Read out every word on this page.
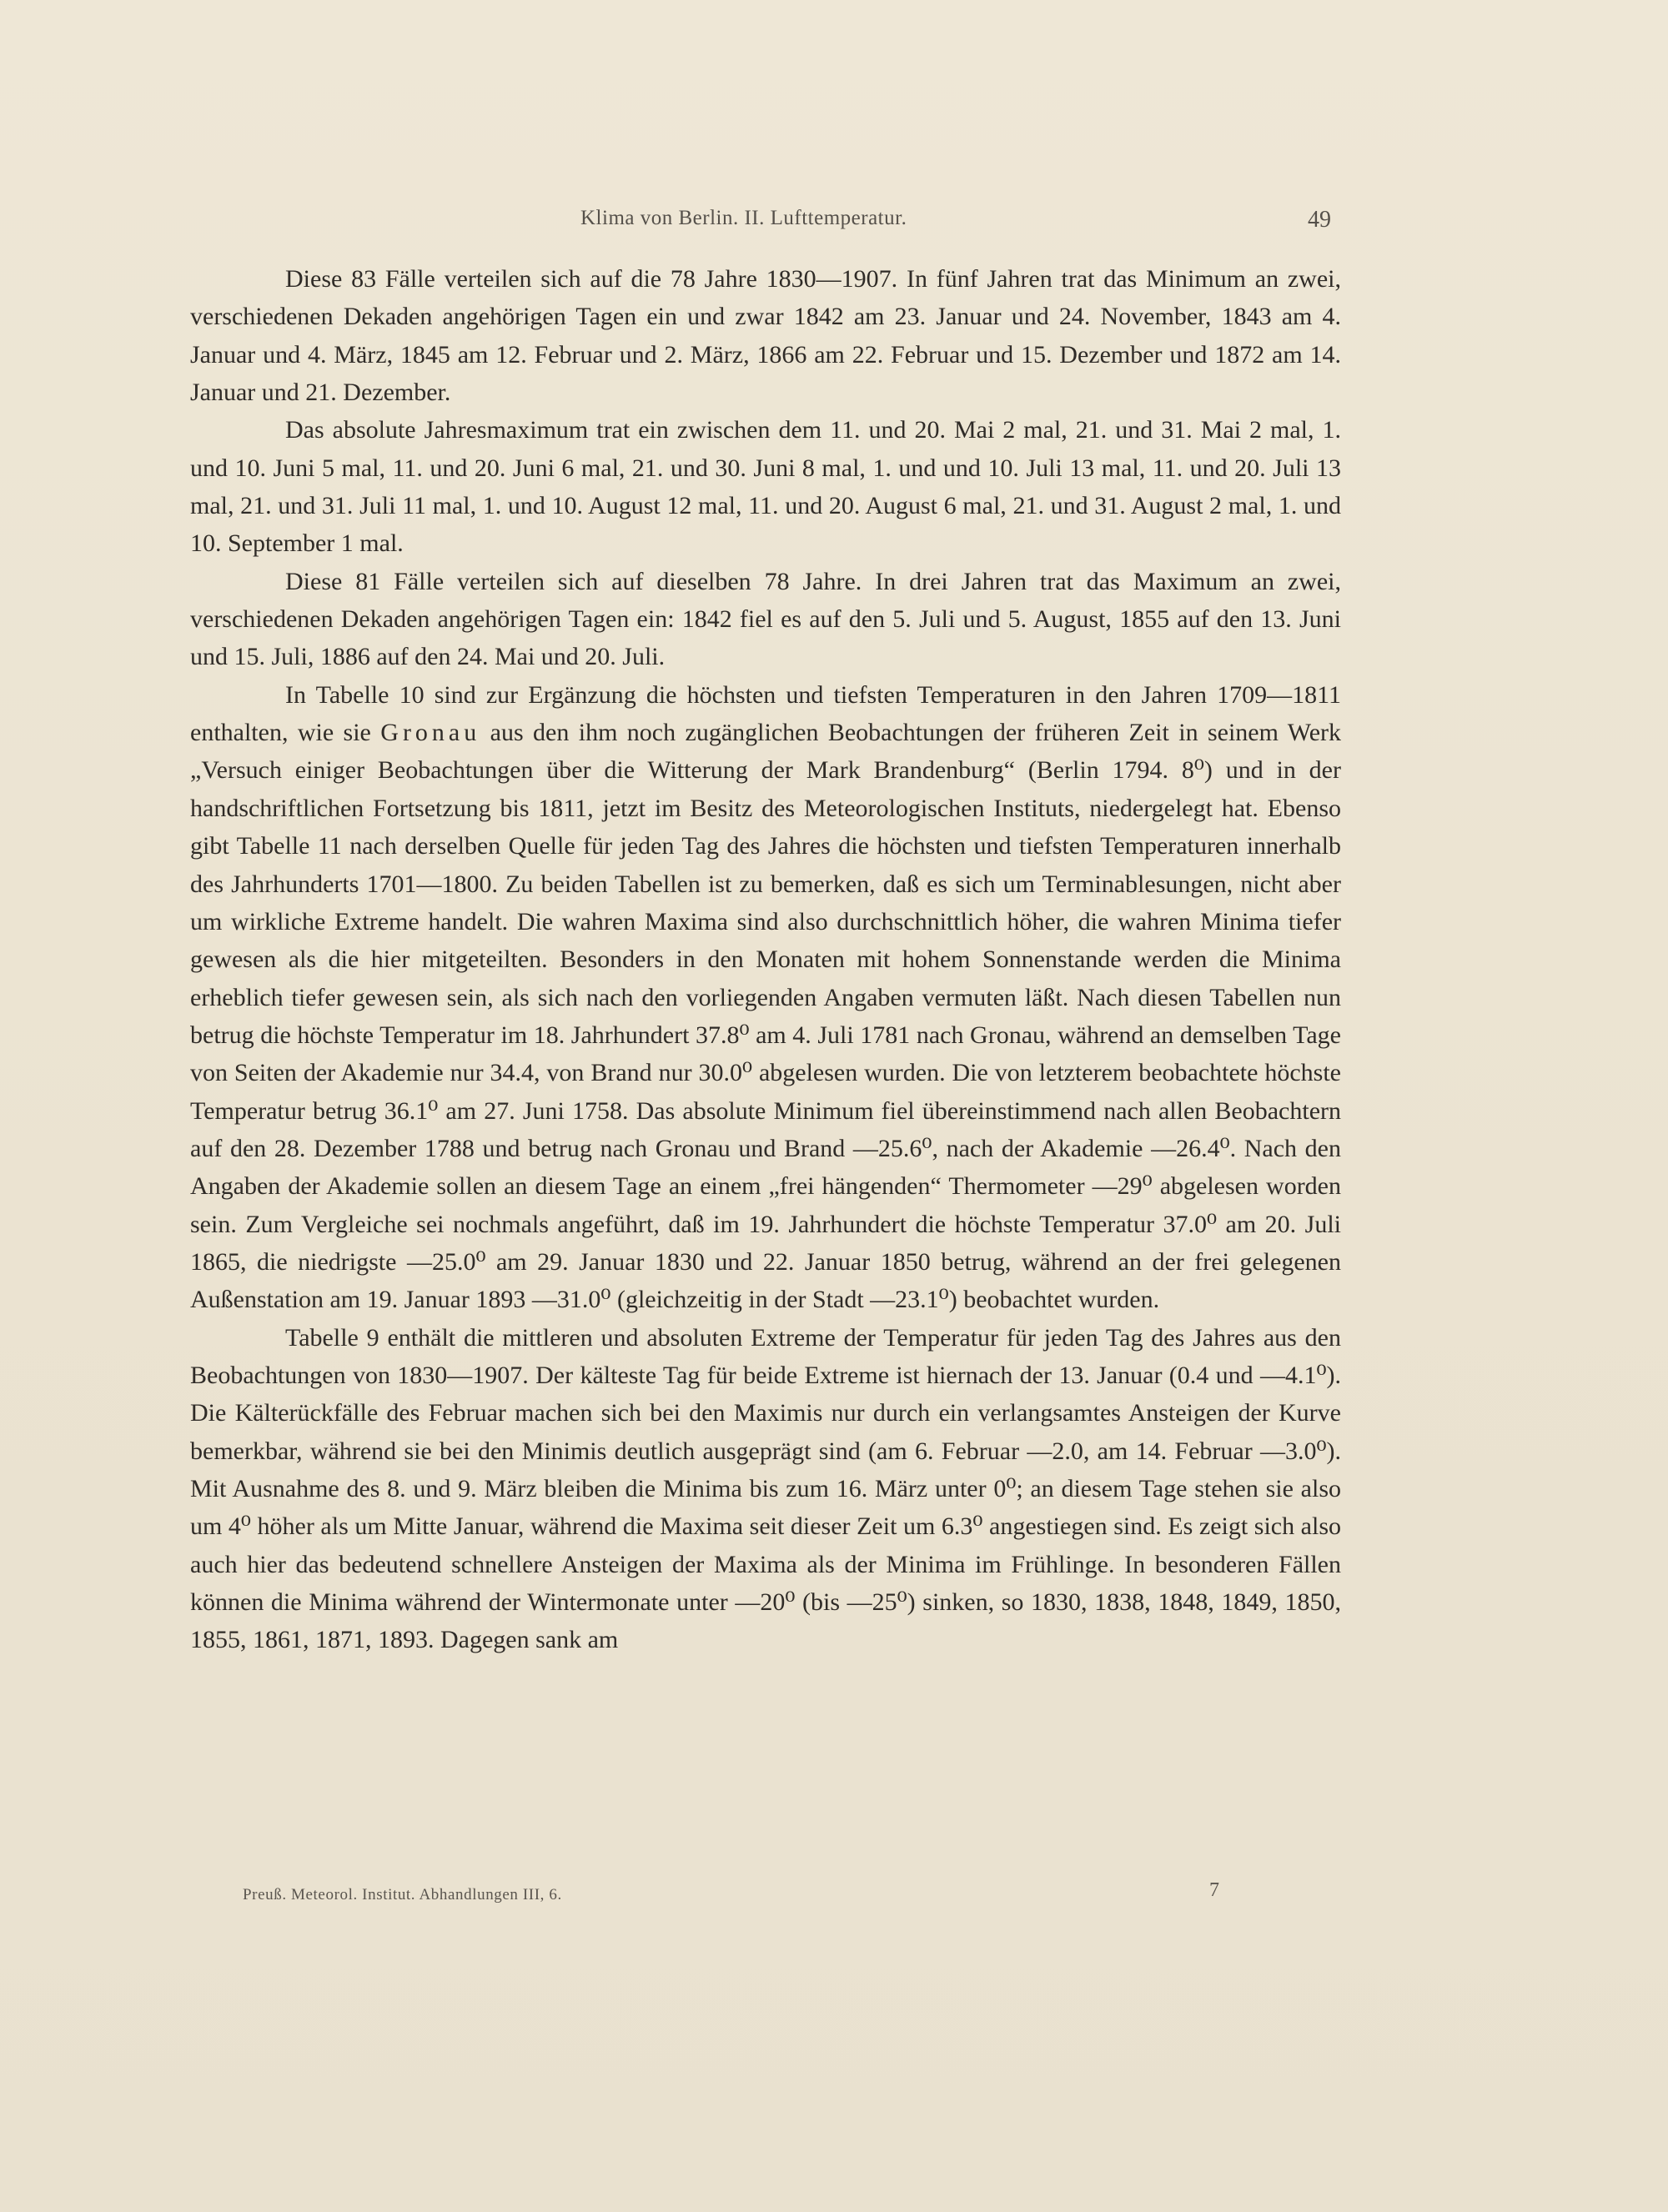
Klima von Berlin. II. Lufttemperatur.	49

Diese 83 Fälle verteilen sich auf die 78 Jahre 1830—1907. In fünf Jahren trat das Minimum an zwei, verschiedenen Dekaden angehörigen Tagen ein und zwar 1842 am 23. Januar und 24. November, 1843 am 4. Januar und 4. März, 1845 am 12. Februar und 2. März, 1866 am 22. Februar und 15. Dezember und 1872 am 14. Januar und 21. Dezember.

Das absolute Jahresmaximum trat ein zwischen dem 11. und 20. Mai 2 mal, 21. und 31. Mai 2 mal, 1. und 10. Juni 5 mal, 11. und 20. Juni 6 mal, 21. und 30. Juni 8 mal, 1. und und 10. Juli 13 mal, 11. und 20. Juli 13 mal, 21. und 31. Juli 11 mal, 1. und 10. August 12 mal, 11. und 20. August 6 mal, 21. und 31. August 2 mal, 1. und 10. September 1 mal.

Diese 81 Fälle verteilen sich auf dieselben 78 Jahre. In drei Jahren trat das Maximum an zwei, verschiedenen Dekaden angehörigen Tagen ein: 1842 fiel es auf den 5. Juli und 5. August, 1855 auf den 13. Juni und 15. Juli, 1886 auf den 24. Mai und 20. Juli.

In Tabelle 10 sind zur Ergänzung die höchsten und tiefsten Temperaturen in den Jahren 1709—1811 enthalten, wie sie Gronau aus den ihm noch zugänglichen Beobachtungen der früheren Zeit in seinem Werk „Versuch einiger Beobachtungen über die Witterung der Mark Brandenburg“ (Berlin 1794. 8⁰) und in der handschriftlichen Fortsetzung bis 1811, jetzt im Besitz des Meteorologischen Instituts, niedergelegt hat. Ebenso gibt Tabelle 11 nach derselben Quelle für jeden Tag des Jahres die höchsten und tiefsten Temperaturen innerhalb des Jahrhunderts 1701—1800. Zu beiden Tabellen ist zu bemerken, daß es sich um Terminablesungen, nicht aber um wirkliche Extreme handelt. Die wahren Maxima sind also durchschnittlich höher, die wahren Minima tiefer gewesen als die hier mitgeteilten. Besonders in den Monaten mit hohem Sonnenstande werden die Minima erheblich tiefer gewesen sein, als sich nach den vorliegenden Angaben vermuten läßt. Nach diesen Tabellen nun betrug die höchste Temperatur im 18. Jahrhundert 37.8⁰ am 4. Juli 1781 nach Gronau, während an demselben Tage von Seiten der Akademie nur 34.4, von Brand nur 30.0⁰ abgelesen wurden. Die von letzterem beobachtete höchste Temperatur betrug 36.1⁰ am 27. Juni 1758. Das absolute Minimum fiel übereinstimmend nach allen Beobachtern auf den 28. Dezember 1788 und betrug nach Gronau und Brand —25.6⁰, nach der Akademie —26.4⁰. Nach den Angaben der Akademie sollen an diesem Tage an einem „frei hängenden“ Thermometer —29⁰ abgelesen worden sein. Zum Vergleiche sei nochmals angeführt, daß im 19. Jahrhundert die höchste Temperatur 37.0⁰ am 20. Juli 1865, die niedrigste —25.0⁰ am 29. Januar 1830 und 22. Januar 1850 betrug, während an der frei gelegenen Außenstation am 19. Januar 1893 —31.0⁰ (gleichzeitig in der Stadt —23.1⁰) beobachtet wurden.

Tabelle 9 enthält die mittleren und absoluten Extreme der Temperatur für jeden Tag des Jahres aus den Beobachtungen von 1830—1907. Der kälteste Tag für beide Extreme ist hiernach der 13. Januar (0.4 und —4.1⁰). Die Kälterückfälle des Februar machen sich bei den Maximis nur durch ein verlangsamtes Ansteigen der Kurve bemerkbar, während sie bei den Minimis deutlich ausgeprägt sind (am 6. Februar —2.0, am 14. Februar —3.0⁰). Mit Ausnahme des 8. und 9. März bleiben die Minima bis zum 16. März unter 0⁰; an diesem Tage stehen sie also um 4⁰ höher als um Mitte Januar, während die Maxima seit dieser Zeit um 6.3⁰ angestiegen sind. Es zeigt sich also auch hier das bedeutend schnellere Ansteigen der Maxima als der Minima im Frühlinge. In besonderen Fällen können die Minima während der Wintermonate unter —20⁰ (bis —25⁰) sinken, so 1830, 1838, 1848, 1849, 1850, 1855, 1861, 1871, 1893. Dagegen sank am

Preuß. Meteorol. Institut. Abhandlungen III, 6.	7
